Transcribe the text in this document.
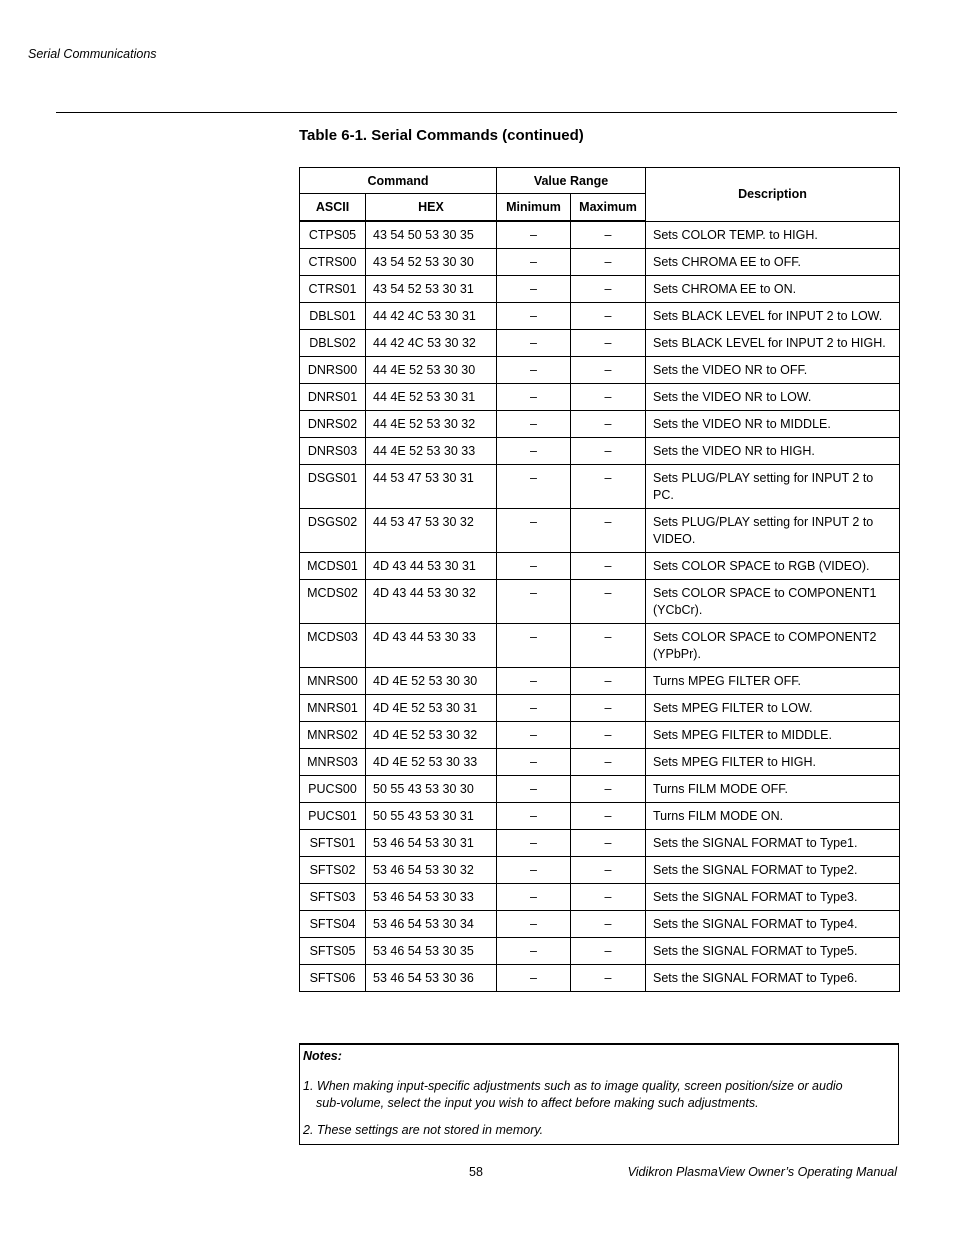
Serial Communications
Table 6-1. Serial Commands (continued)
Command		Value Range		Description
ASCII	HEX	Minimum	Maximum	
CTPS05	43 54 50 53 30 35	–	–	Sets COLOR TEMP. to HIGH.
CTRS00	43 54 52 53 30 30	–	–	Sets CHROMA EE to OFF.
CTRS01	43 54 52 53 30 31	–	–	Sets CHROMA EE to ON.
DBLS01	44 42 4C 53 30 31	–	–	Sets BLACK LEVEL for INPUT 2 to LOW.
DBLS02	44 42 4C 53 30 32	–	–	Sets BLACK LEVEL for INPUT 2 to HIGH.
DNRS00	44 4E 52 53 30 30	–	–	Sets the VIDEO NR to OFF.
DNRS01	44 4E 52 53 30 31	–	–	Sets the VIDEO NR to LOW.
DNRS02	44 4E 52 53 30 32	–	–	Sets the VIDEO NR to MIDDLE.
DNRS03	44 4E 52 53 30 33	–	–	Sets the VIDEO NR to HIGH.
DSGS01	44 53 47 53 30 31	–	–	Sets PLUG/PLAY setting for INPUT 2 to PC.
DSGS02	44 53 47 53 30 32	–	–	Sets PLUG/PLAY setting for INPUT 2 to VIDEO.
MCDS01	4D 43 44 53 30 31	–	–	Sets COLOR SPACE to RGB (VIDEO).
MCDS02	4D 43 44 53 30 32	–	–	Sets COLOR SPACE to COMPONENT1 (YCbCr).
MCDS03	4D 43 44 53 30 33	–	–	Sets COLOR SPACE to COMPONENT2 (YPbPr).
MNRS00	4D 4E 52 53 30 30	–	–	Turns MPEG FILTER OFF.
MNRS01	4D 4E 52 53 30 31	–	–	Sets MPEG FILTER to LOW.
MNRS02	4D 4E 52 53 30 32	–	–	Sets MPEG FILTER to MIDDLE.
MNRS03	4D 4E 52 53 30 33	–	–	Sets MPEG FILTER to HIGH.
PUCS00	50 55 43 53 30 30	–	–	Turns FILM MODE OFF.
PUCS01	50 55 43 53 30 31	–	–	Turns FILM MODE ON.
SFTS01	53 46 54 53 30 31	–	–	Sets the SIGNAL FORMAT to Type1.
SFTS02	53 46 54 53 30 32	–	–	Sets the SIGNAL FORMAT to Type2.
SFTS03	53 46 54 53 30 33	–	–	Sets the SIGNAL FORMAT to Type3.
SFTS04	53 46 54 53 30 34	–	–	Sets the SIGNAL FORMAT to Type4.
SFTS05	53 46 54 53 30 35	–	–	Sets the SIGNAL FORMAT to Type5.
SFTS06	53 46 54 53 30 36	–	–	Sets the SIGNAL FORMAT to Type6.
Notes:
1. When making input-specific adjustments such as to image quality, screen position/size or audio
sub-volume, select the input you wish to affect before making such adjustments.
2. These settings are not stored in memory.
58	Vidikron PlasmaView Owner’s Operating Manual
